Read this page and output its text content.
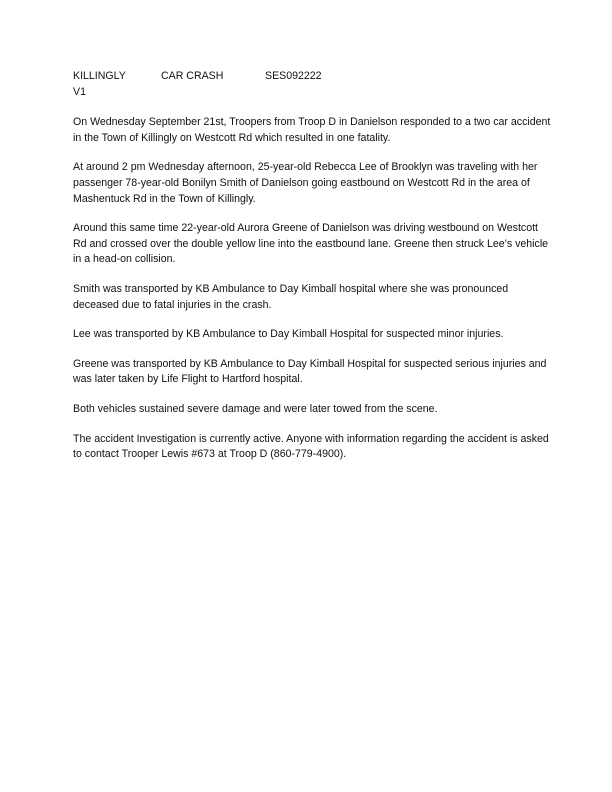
KILLINGLY	CAR CRASH	SES092222
V1

On Wednesday September 21st, Troopers from Troop D in Danielson responded to a two car accident in the Town of Killingly on Westcott Rd which resulted in one fatality.

At around 2 pm Wednesday afternoon, 25-year-old Rebecca Lee of Brooklyn was traveling with her passenger 78-year-old Bonilyn Smith of Danielson going eastbound on Westcott Rd in the area of Mashentuck Rd in the Town of Killingly.

Around this same time 22-year-old Aurora Greene of Danielson was driving westbound on Westcott Rd and crossed over the double yellow line into the eastbound lane. Greene then struck Lee’s vehicle in a head-on collision.

Smith was transported by KB Ambulance to Day Kimball hospital where she was pronounced deceased due to fatal injuries in the crash.

Lee was transported by KB Ambulance to Day Kimball Hospital for suspected minor injuries.

Greene was transported by KB Ambulance to Day Kimball Hospital for suspected serious injuries and was later taken by Life Flight to Hartford hospital.

Both vehicles sustained severe damage and were later towed from the scene.

The accident Investigation is currently active. Anyone with information regarding the accident is asked to contact Trooper Lewis #673 at Troop D (860-779-4900).
